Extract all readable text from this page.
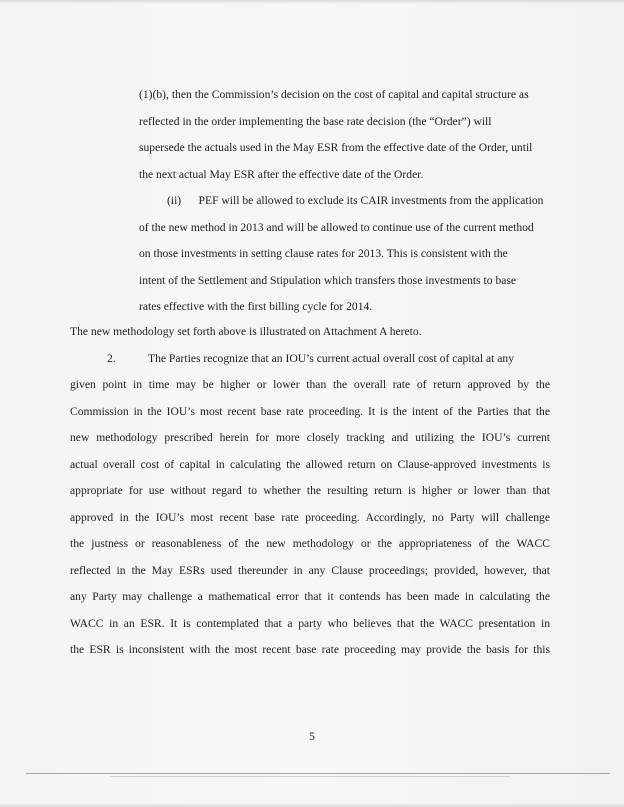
(1)(b), then the Commission’s decision on the cost of capital and capital structure as
reflected in the order implementing the base rate decision (the “Order”) will
supersede the actuals used in the May ESR from the effective date of the Order, until
the next actual May ESR after the effective date of the Order.
(ii)      PEF will be allowed to exclude its CAIR investments from the application
of the new method in 2013 and will be allowed to continue use of the current method
on those investments in setting clause rates for 2013. This is consistent with the
intent of the Settlement and Stipulation which transfers those investments to base
rates effective with the first billing cycle for 2014.
The new methodology set forth above is illustrated on Attachment A hereto.
2.	The Parties recognize that an IOU’s current actual overall cost of capital at any
given point in time may be higher or lower than the overall rate of return approved by the
Commission in the IOU’s most recent base rate proceeding. It is the intent of the Parties that the
new methodology prescribed herein for more closely tracking and utilizing the IOU’s current
actual overall cost of capital in calculating the allowed return on Clause-approved investments is
appropriate for use without regard to whether the resulting return is higher or lower than that
approved in the IOU’s most recent base rate proceeding. Accordingly, no Party will challenge
the justness or reasonableness of the new methodology or the appropriateness of the WACC
reflected in the May ESRs used thereunder in any Clause proceedings; provided, however, that
any Party may challenge a mathematical error that it contends has been made in calculating the
WACC in an ESR. It is contemplated that a party who believes that the WACC presentation in
the ESR is inconsistent with the most recent base rate proceeding may provide the basis for this
5
